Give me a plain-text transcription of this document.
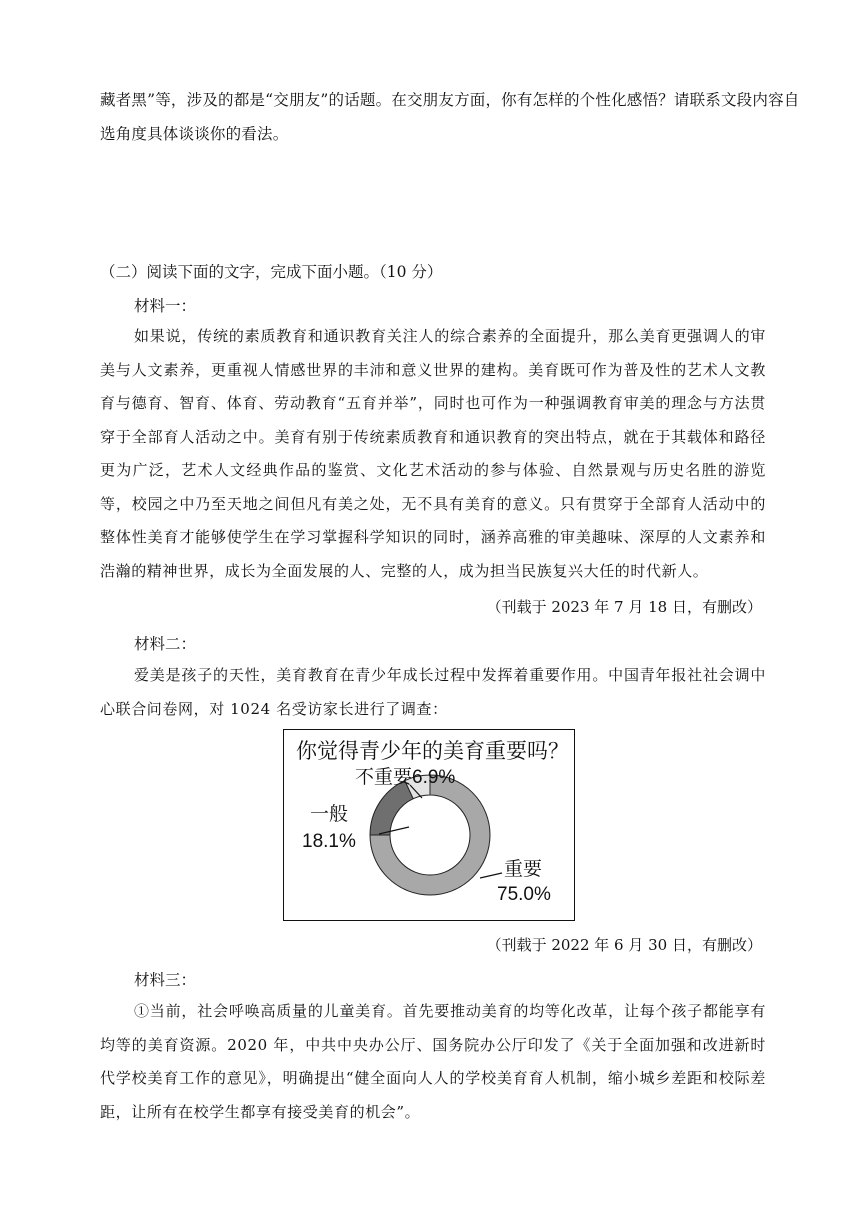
藏者黑”等，涉及的都是“交朋友”的话题。在交朋友方面，你有怎样的个性化感悟？请联系文段内容自
选角度具体谈谈你的看法。
（二）阅读下面的文字，完成下面小题。（10 分）
材料一：

如果说，传统的素质教育和通识教育关注人的综合素养的全面提升，那么美育更强调人的审美与人文素养，更重视人情感世界的丰沛和意义世界的建构。美育既可作为普及性的艺术人文教育与德育、智育、体育、劳动教育“五育并举”，同时也可作为一种强调教育审美的理念与方法贯穿于全部育人活动之中。美育有别于传统素质教育和通识教育的突出特点，就在于其载体和路径更为广泛，艺术人文经典作品的鉴赏、文化艺术活动的参与体验、自然景观与历史名胜的游览等，校园之中乃至天地之间但凡有美之处，无不具有美育的意义。只有贯穿于全部育人活动中的整体性美育才能够使学生在学习掌握科学知识的同时，涵养高雅的审美趣味、深厚的人文素养和浩瀚的精神世界，成长为全面发展的人、完整的人，成为担当民族复兴大任的时代新人。

（刊载于 2023 年 7 月 18 日，有删改）
材料二：

爱美是孩子的天性，美育教育在青少年成长过程中发挥着重要作用。中国青年报社社会调中心联合问卷网，对 1024 名受访家长进行了调查：

你觉得青少年的美育重要吗？
不重要6.9%
一般
18.1%
重要
75.0%
（刊载于 2022 年 6 月 30 日，有删改）
材料三：

①当前，社会呼唤高质量的儿童美育。首先要推动美育的均等化改革，让每个孩子都能享有均等的美育资源。2020 年，中共中央办公厅、国务院办公厅印发了《关于全面加强和改进新时代学校美育工作的意见》，明确提出“健全面向人人的学校美育育人机制，缩小城乡差距和校际差距，让所有在校学生都享有接受美育的机会”。
